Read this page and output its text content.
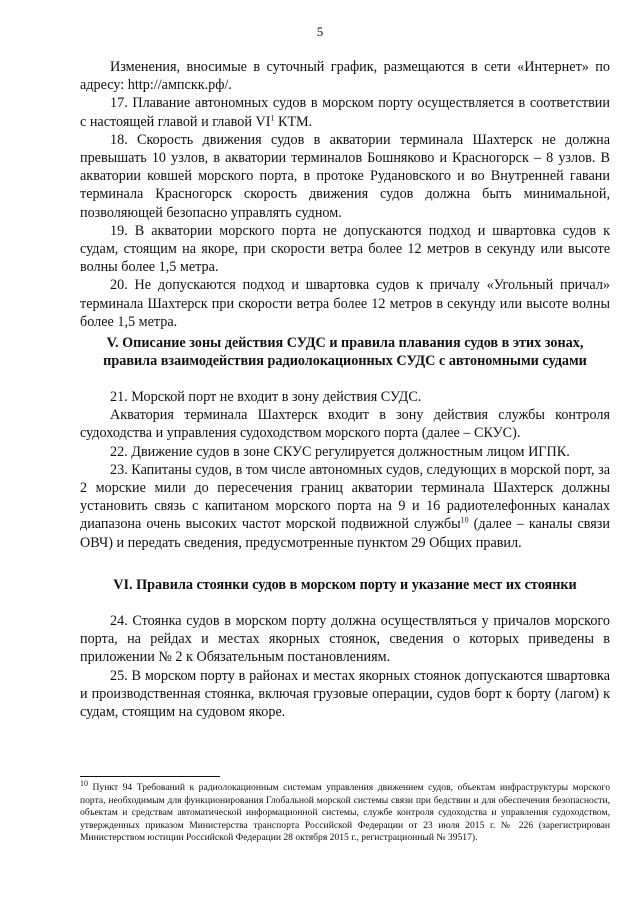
5

Изменения, вносимые в суточный график, размещаются в сети «Интернет» по адресу: http://ампскк.рф/.

17. Плавание автономных судов в морском порту осуществляется в соответствии с настоящей главой и главой $VI^1$ КТМ.

18. Скорость движения судов в акватории терминала Шахтерск не должна превышать 10 узлов, в акватории терминалов Бошняково и Красногорск – 8 узлов. В акватории ковшей морского порта, в протоке Рудановского и во Внутренней гавани терминала Красногорск скорость движения судов должна быть минимальной, позволяющей безопасно управлять судном.

19. В акватории морского порта не допускаются подход и швартовка судов к судам, стоящим на якоре, при скорости ветра более 12 метров в секунду или высоте волны более 1,5 метра.

20. Не допускаются подход и швартовка судов к причалу «Угольный причал» терминала Шахтерск при скорости ветра более 12 метров в секунду или высоте волны более 1,5 метра.

V. Описание зоны действия СУДС и правила плавания судов в этих зонах, правила взаимодействия радиолокационных СУДС с автономными судами

21. Морской порт не входит в зону действия СУДС.

Акватория терминала Шахтерск входит в зону действия службы контроля судоходства и управления судоходством морского порта (далее – СКУС).

22. Движение судов в зоне СКУС регулируется должностным лицом ИГПК.

23. Капитаны судов, в том числе автономных судов, следующих в морской порт, за 2 морские мили до пересечения границ акватории терминала Шахтерск должны установить связь с капитаном морского порта на 9 и 16 радиотелефонных каналах диапазона очень высоких частот морской подвижной службы$^{10}$ (далее – каналы связи ОВЧ) и передать сведения, предусмотренные пунктом 29 Общих правил.

VI. Правила стоянки судов в морском порту и указание мест их стоянки

24. Стоянка судов в морском порту должна осуществляться у причалов морского порта, на рейдах и местах якорных стоянок, сведения о которых приведены в приложении № 2 к Обязательным постановлениям.

25. В морском порту в районах и местах якорных стоянок допускаются швартовка и производственная стоянка, включая грузовые операции, судов борт к борту (лагом) к судам, стоящим на судовом якоре.

$^{10}$ Пункт 94 Требований к радиолокационным системам управления движением судов, объектам инфраструктуры морского порта, необходимым для функционирования Глобальной морской системы связи при бедствии и для обеспечения безопасности, объектам и средствам автоматической информационной системы, службе контроля судоходства и управления судоходством, утвержденных приказом Министерства транспорта Российской Федерации от 23 июля 2015 г. № 226 (зарегистрирован Министерством юстиции Российской Федерации 28 октября 2015 г., регистрационный № 39517).
